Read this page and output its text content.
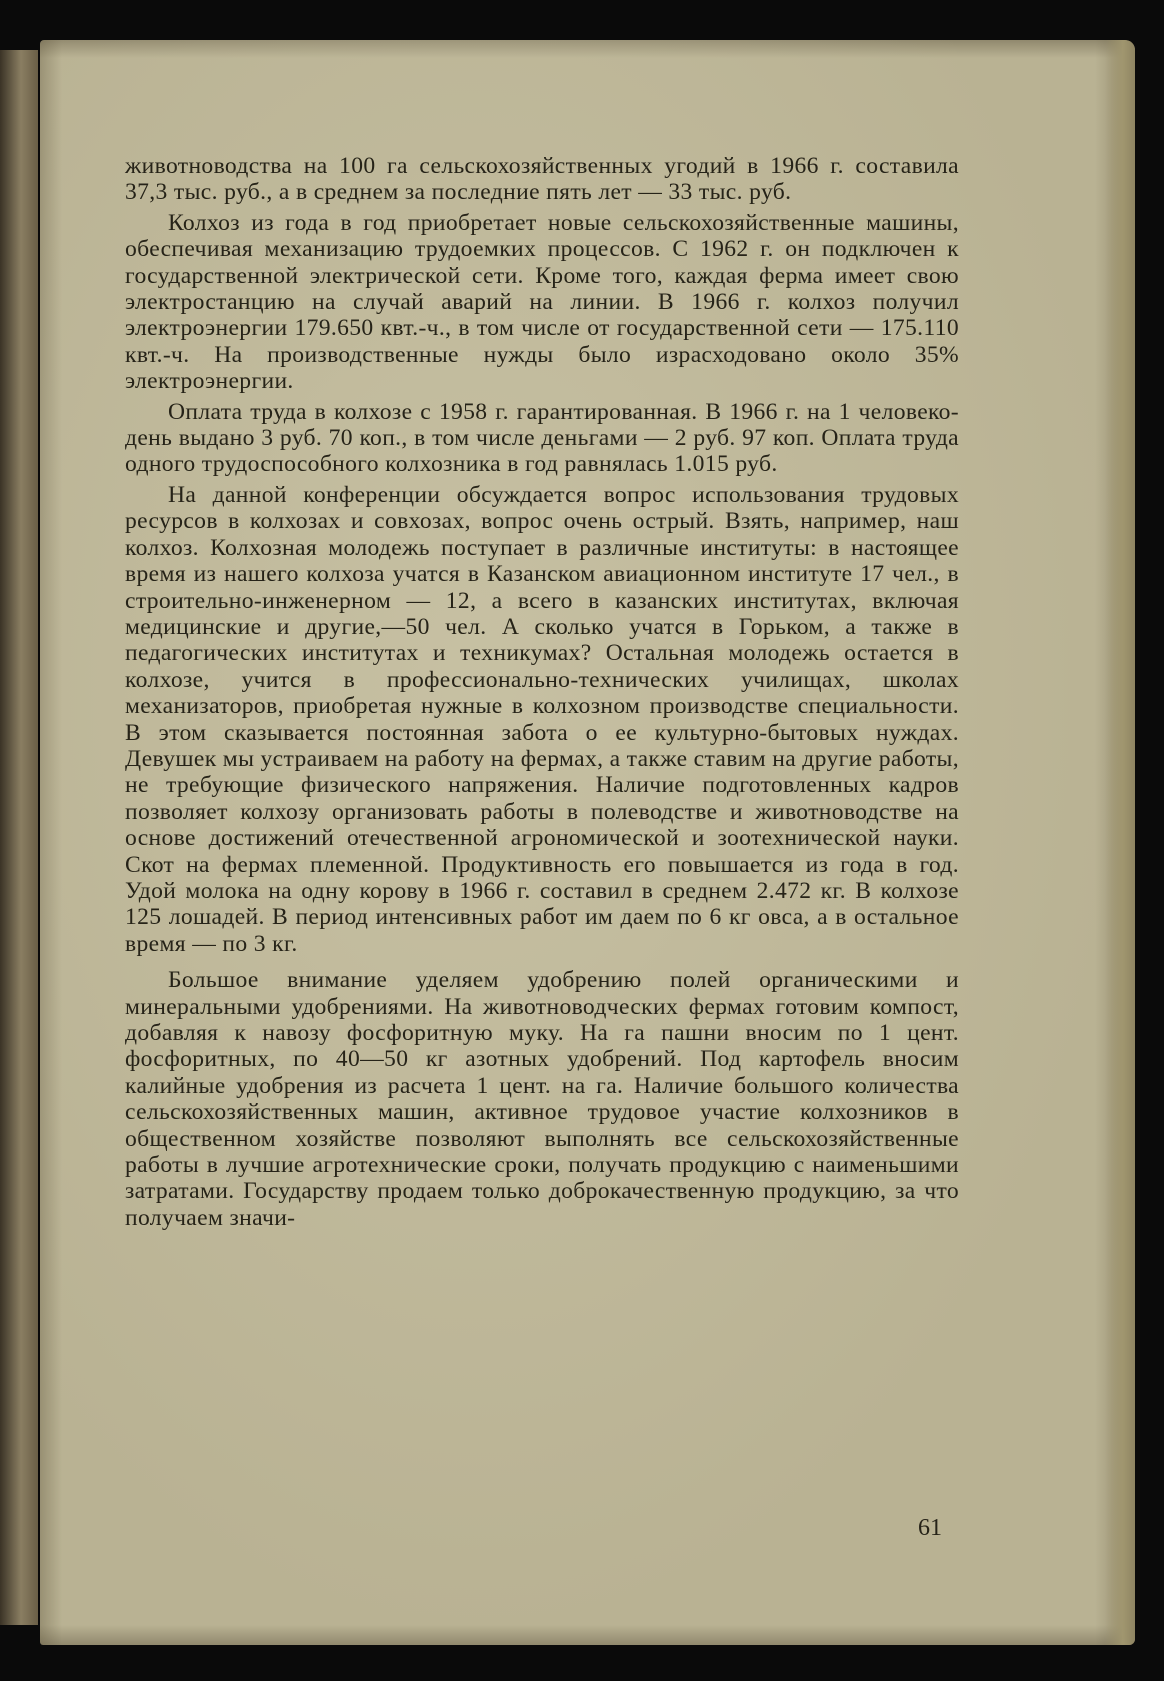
животноводства на 100 га сельскохозяйственных угодий в 1966 г. составила 37,3 тыс. руб., а в среднем за последние пять лет — 33 тыс. руб.

Колхоз из года в год приобретает новые сельскохозяйственные машины, обеспечивая механизацию трудоемких процессов. С 1962 г. он подключен к государственной электрической сети. Кроме того, каждая ферма имеет свою электростанцию на случай аварий на линии. В 1966 г. колхоз получил электроэнергии 179.650 квт.-ч., в том числе от государственной сети — 175.110 квт.-ч. На производственные нужды было израсходовано около 35% электроэнергии.

Оплата труда в колхозе с 1958 г. гарантированная. В 1966 г. на 1 человеко-день выдано 3 руб. 70 коп., в том числе деньгами — 2 руб. 97 коп. Оплата труда одного трудоспособного колхозника в год равнялась 1.015 руб.

На данной конференции обсуждается вопрос использования трудовых ресурсов в колхозах и совхозах, вопрос очень острый. Взять, например, наш колхоз. Колхозная молодежь поступает в различные институты: в настоящее время из нашего колхоза учатся в Казанском авиационном институте 17 чел., в строительно-инженерном — 12, а всего в казанских институтах, включая медицинские и другие,—50 чел. А сколько учатся в Горьком, а также в педагогических институтах и техникумах? Остальная молодежь остается в колхозе, учится в профессионально-технических училищах, школах механизаторов, приобретая нужные в колхозном производстве специальности. В этом сказывается постоянная забота о ее культурно-бытовых нуждах. Девушек мы устраиваем на работу на фермах, а также ставим на другие работы, не требующие физического напряжения. Наличие подготовленных кадров позволяет колхозу организовать работы в полеводстве и животноводстве на основе достижений отечественной агрономической и зоотехнической науки. Скот на фермах племенной. Продуктивность его повышается из года в год. Удой молока на одну корову в 1966 г. составил в среднем 2.472 кг. В колхозе 125 лошадей. В период интенсивных работ им даем по 6 кг овса, а в остальное время — по 3 кг.

Большое внимание уделяем удобрению полей органическими и минеральными удобрениями. На животноводческих фермах готовим компост, добавляя к навозу фосфоритную муку. На га пашни вносим по 1 цент. фосфоритных, по 40—50 кг азотных удобрений. Под картофель вносим калийные удобрения из расчета 1 цент. на га. Наличие большого количества сельскохозяйственных машин, активное трудовое участие колхозников в общественном хозяйстве позволяют выполнять все сельскохозяйственные работы в лучшие агротехнические сроки, получать продукцию с наименьшими затратами. Государству продаем только доброкачественную продукцию, за что получаем значи-

61
